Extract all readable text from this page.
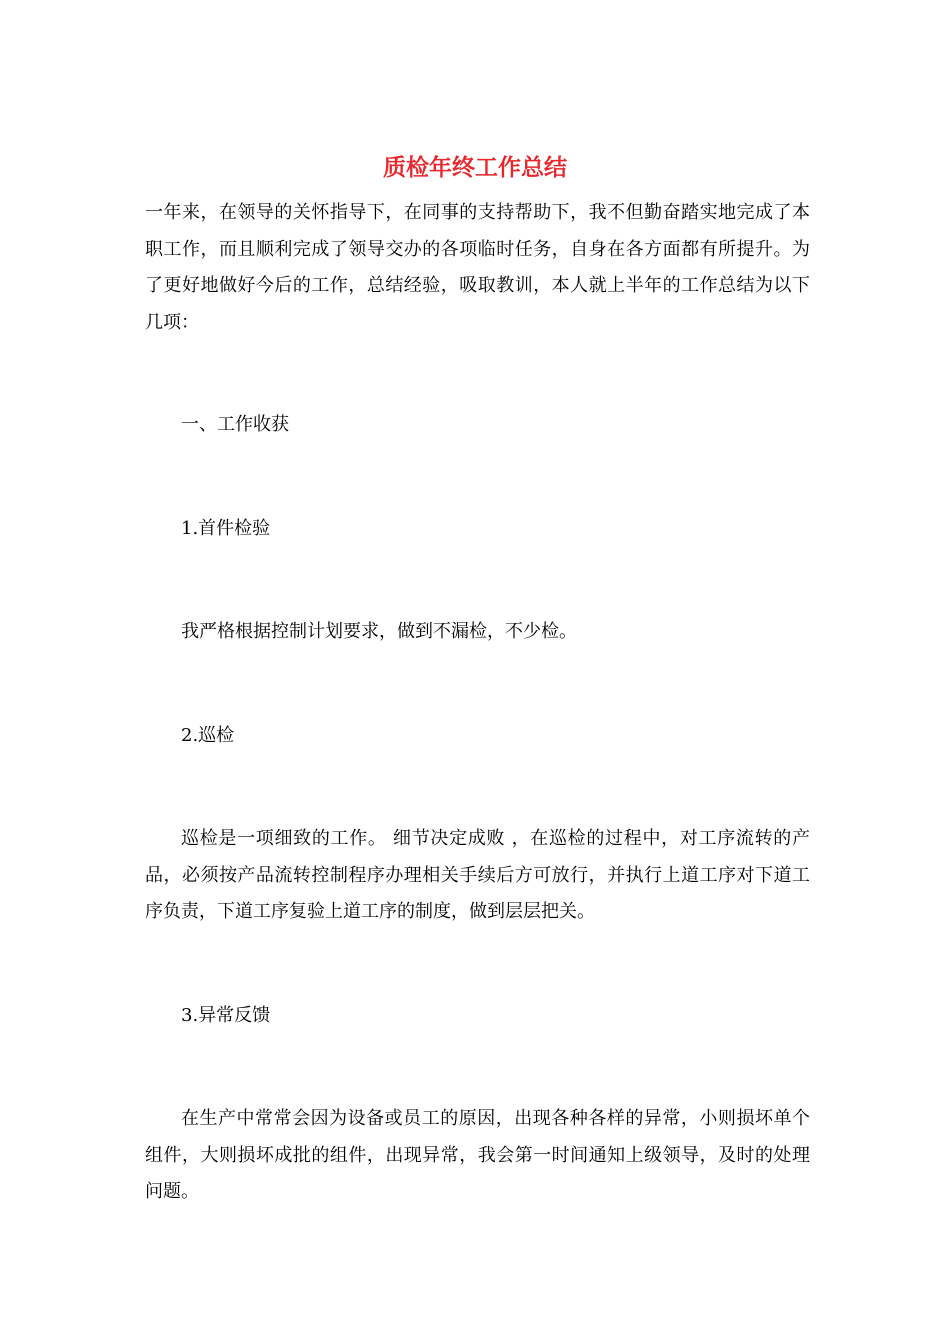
质检年终工作总结

一年来，在领导的关怀指导下，在同事的支持帮助下，我不但勤奋踏实地完成了本职工作，而且顺利完成了领导交办的各项临时任务，自身在各方面都有所提升。为了更好地做好今后的工作，总结经验，吸取教训，本人就上半年的工作总结为以下几项：

一、工作收获

1.首件检验

我严格根据控制计划要求，做到不漏检，不少检。

2.巡检

巡检是一项细致的工作。 细节决定成败 ，在巡检的过程中，对工序流转的产品，必须按产品流转控制程序办理相关手续后方可放行，并执行上道工序对下道工序负责，下道工序复验上道工序的制度，做到层层把关。

3.异常反馈

在生产中常常会因为设备或员工的原因，出现各种各样的异常，小则损坏单个组件，大则损坏成批的组件，出现异常，我会第一时间通知上级领导，及时的处理问题。
